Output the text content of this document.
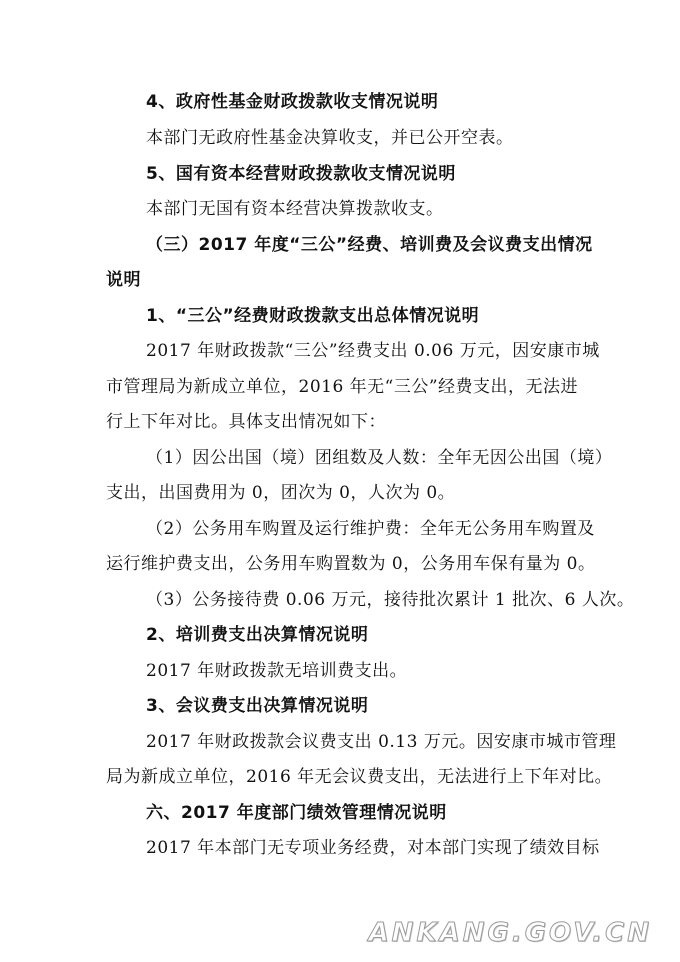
4、政府性基金财政拨款收支情况说明
本部门无政府性基金决算收支，并已公开空表。
5、国有资本经营财政拨款收支情况说明
本部门无国有资本经营决算拨款收支。
（三）2017 年度“三公”经费、培训费及会议费支出情况
说明
1、“三公”经费财政拨款支出总体情况说明
2017 年财政拨款“三公”经费支出 0.06 万元，因安康市城
市管理局为新成立单位，2016 年无“三公”经费支出，无法进
行上下年对比。具体支出情况如下：
（1）因公出国（境）团组数及人数：全年无因公出国（境）
支出，出国费用为 0，团次为 0，人次为 0。
（2）公务用车购置及运行维护费：全年无公务用车购置及
运行维护费支出，公务用车购置数为 0，公务用车保有量为 0。
（3）公务接待费 0.06 万元，接待批次累计 1 批次、6 人次。
2、培训费支出决算情况说明
2017 年财政拨款无培训费支出。
3、会议费支出决算情况说明
2017 年财政拨款会议费支出 0.13 万元。因安康市城市管理
局为新成立单位，2016 年无会议费支出，无法进行上下年对比。
六、2017 年度部门绩效管理情况说明
2017 年本部门无专项业务经费，对本部门实现了绩效目标
ANKANG.GOV.CN
